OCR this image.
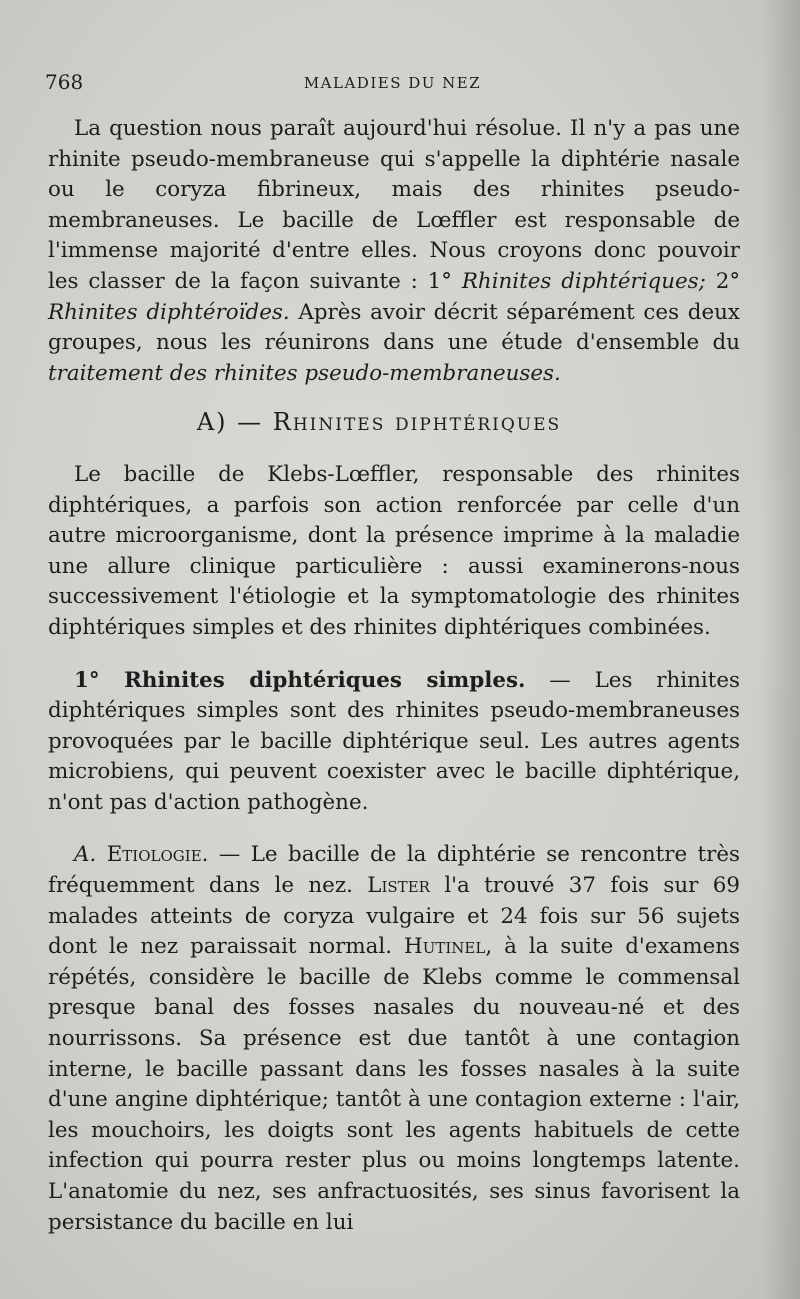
768	MALADIES DU NEZ

La question nous paraît aujourd'hui résolue. Il n'y a pas une rhinite pseudo-membraneuse qui s'appelle la diphtérie nasale ou le coryza fibrineux, mais des rhinites pseudo-membraneuses. Le bacille de Lœffler est responsable de l'immense majorité d'entre elles. Nous croyons donc pouvoir les classer de la façon suivante : 1° Rhinites diphtériques; 2° Rhinites diphtéroïdes. Après avoir décrit séparément ces deux groupes, nous les réunirons dans une étude d'ensemble du traitement des rhinites pseudo-membraneuses.

A) — Rhinites diphtériques

Le bacille de Klebs-Lœffler, responsable des rhinites diphtériques, a parfois son action renforcée par celle d'un autre microorganisme, dont la présence imprime à la maladie une allure clinique particulière : aussi examinerons-nous successivement l'étiologie et la symptomatologie des rhinites diphtériques simples et des rhinites diphtériques combinées.

1° Rhinites diphtériques simples. — Les rhinites diphtériques simples sont des rhinites pseudo-membraneuses provoquées par le bacille diphtérique seul. Les autres agents microbiens, qui peuvent coexister avec le bacille diphtérique, n'ont pas d'action pathogène.

A. Etiologie. — Le bacille de la diphtérie se rencontre très fréquemment dans le nez. Lister l'a trouvé 37 fois sur 69 malades atteints de coryza vulgaire et 24 fois sur 56 sujets dont le nez paraissait normal. Hutinel, à la suite d'examens répétés, considère le bacille de Klebs comme le commensal presque banal des fosses nasales du nouveau-né et des nourrissons. Sa présence est due tantôt à une contagion interne, le bacille passant dans les fosses nasales à la suite d'une angine diphtérique; tantôt à une contagion externe : l'air, les mouchoirs, les doigts sont les agents habituels de cette infection qui pourra rester plus ou moins longtemps latente. L'anatomie du nez, ses anfractuosités, ses sinus favorisent la persistance du bacille en lui
